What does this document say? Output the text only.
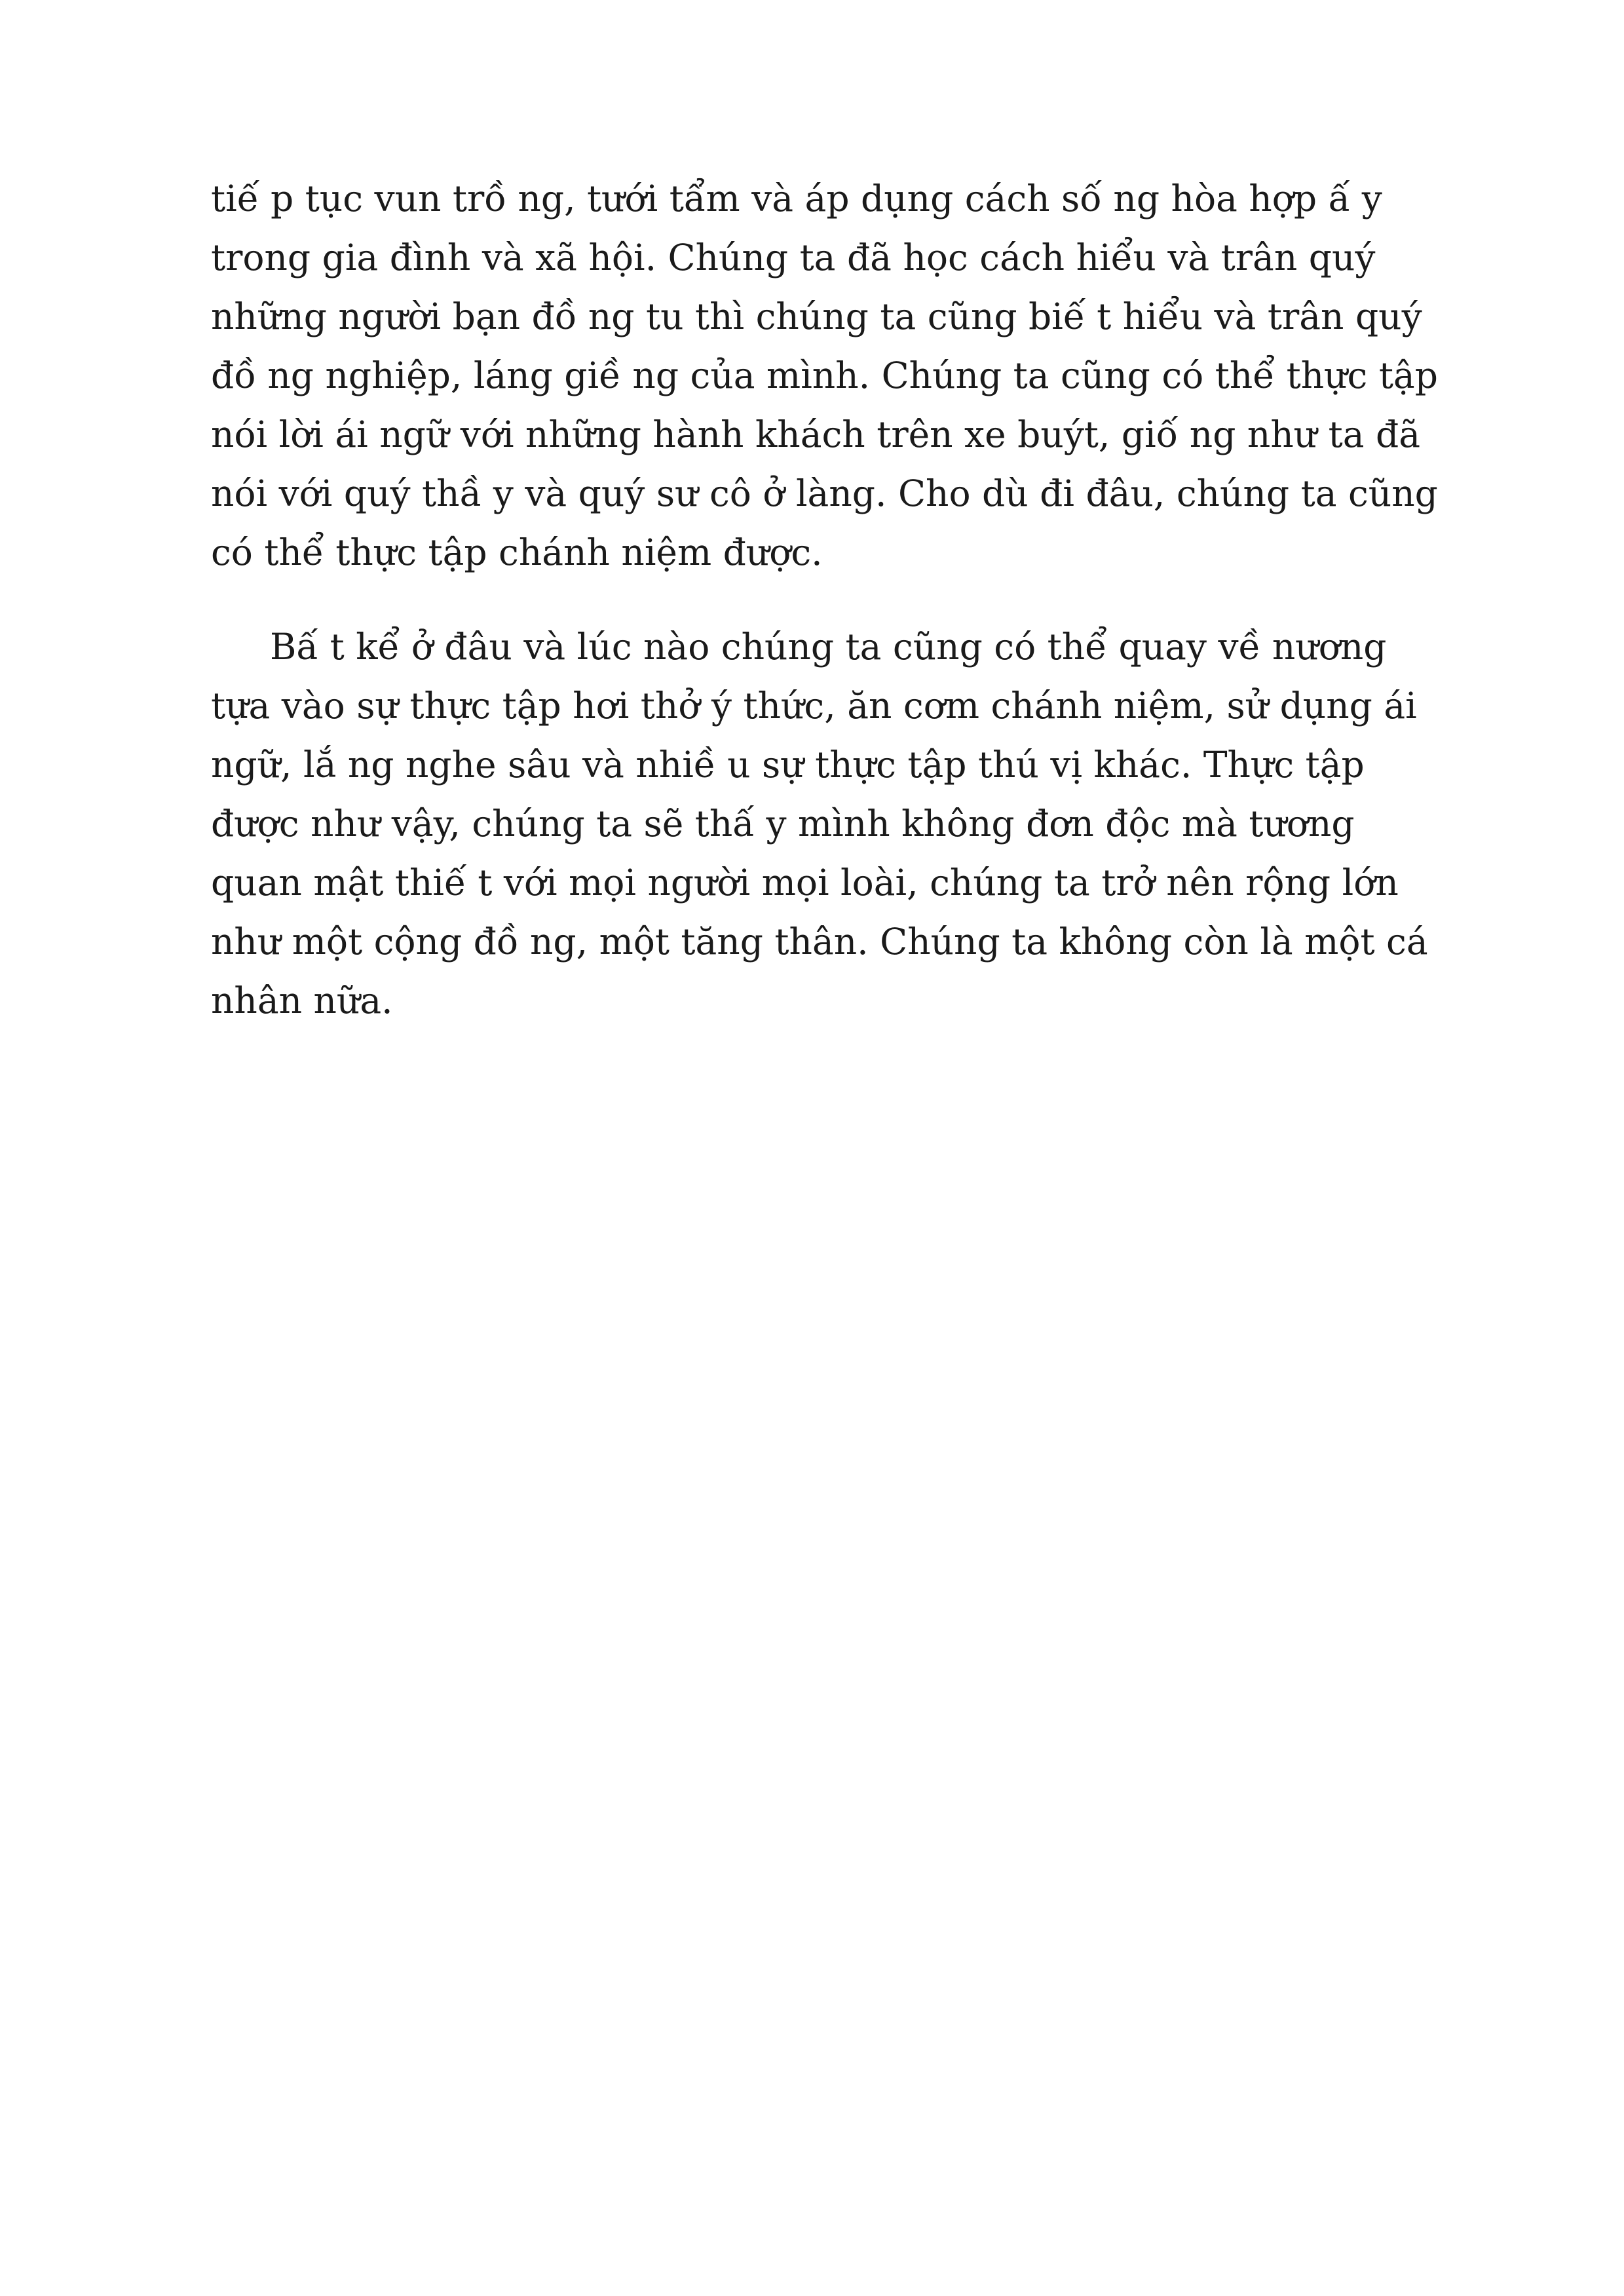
tiế p tục vun trồ ng, tưới tẩm và áp dụng cách số ng hòa hợp ấ y
trong gia đình và xã hội. Chúng ta đã học cách hiểu và trân quý
những người bạn đồ ng tu thì chúng ta cũng biế t hiểu và trân quý
đồ ng nghiệp, láng giề ng của mình. Chúng ta cũng có thể thực tập
nói lời ái ngữ với những hành khách trên xe buýt, giố ng như ta đã
nói với quý thầ y và quý sư cô ở làng. Cho dù đi đâu, chúng ta cũng
có thể thực tập chánh niệm được.

Bấ t kể ở đâu và lúc nào chúng ta cũng có thể quay về nương
tựa vào sự thực tập hơi thở ý thức, ăn cơm chánh niệm, sử dụng ái
ngữ, lắ ng nghe sâu và nhiề u sự thực tập thú vị khác. Thực tập
được như vậy, chúng ta sẽ thấ y mình không đơn độc mà tương
quan mật thiế t với mọi người mọi loài, chúng ta trở nên rộng lớn
như một cộng đồ ng, một tăng thân. Chúng ta không còn là một cá
nhân nữa.
